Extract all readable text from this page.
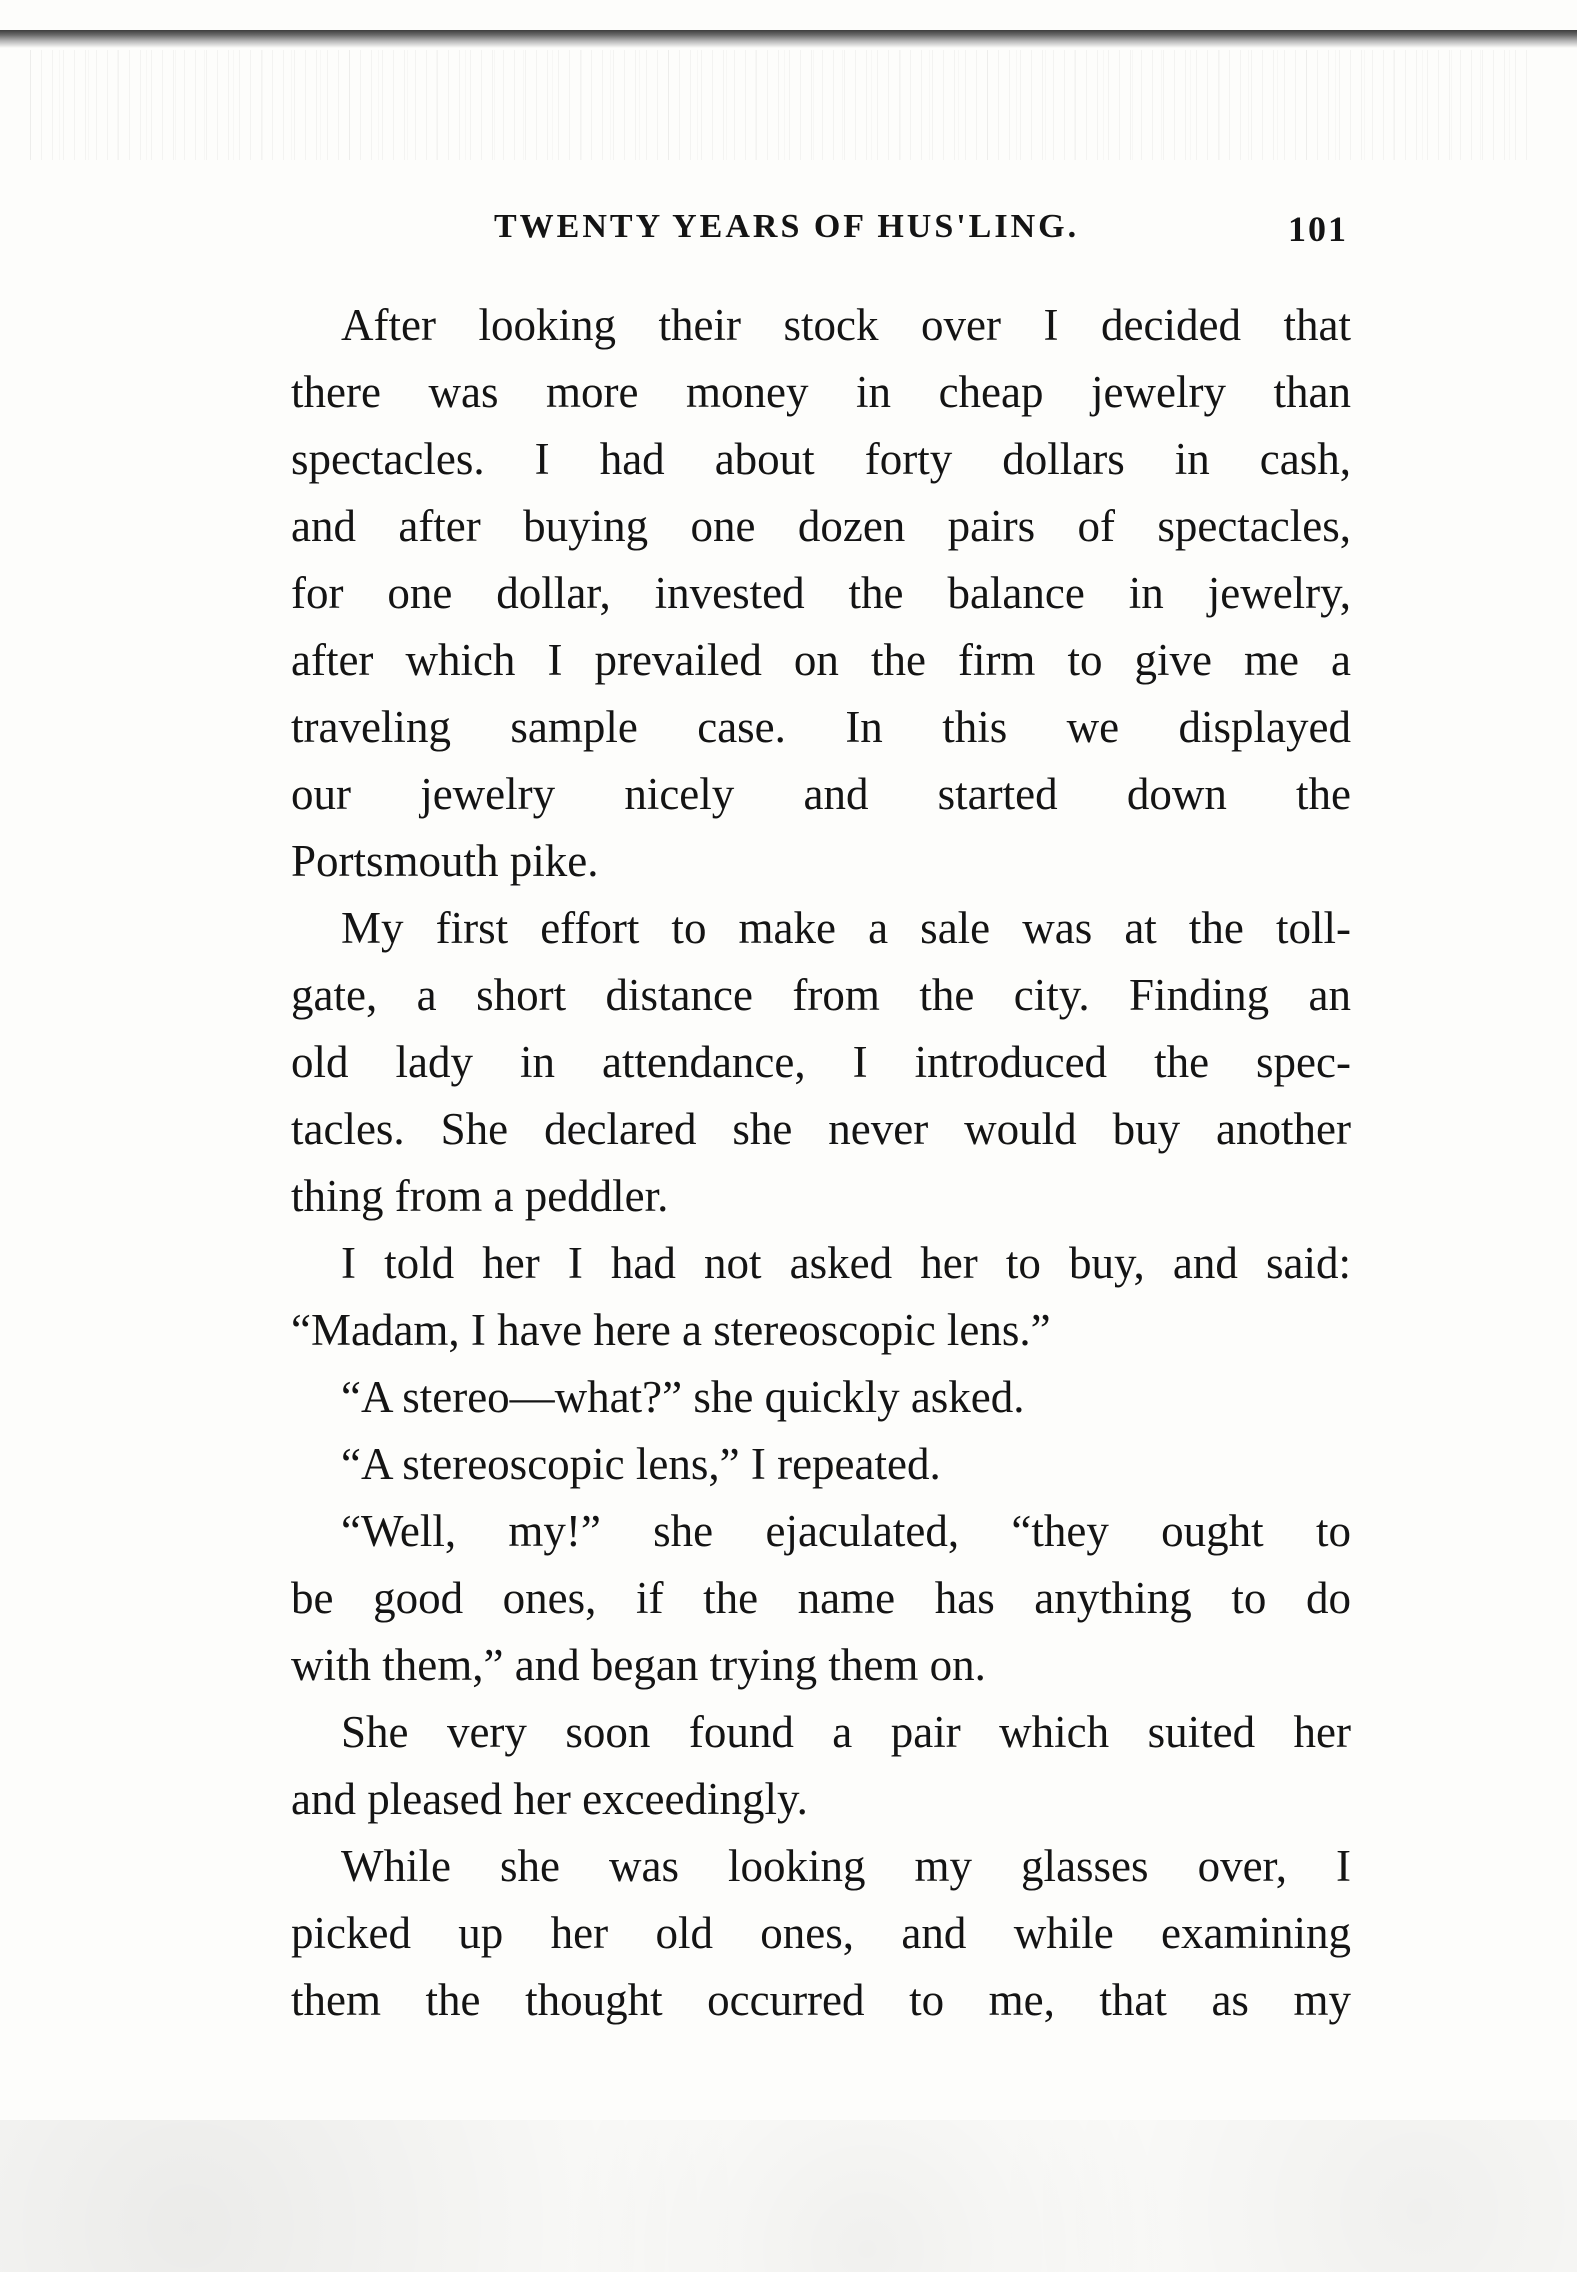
TWENTY YEARS OF HUS'LING.	101
After looking their stock over I decided that
there was more money in cheap jewelry than
spectacles. I had about forty dollars in cash,
and after buying one dozen pairs of spectacles,
for one dollar, invested the balance in jewelry,
after which I prevailed on the firm to give me a
traveling sample case. In this we displayed
our jewelry nicely and started down the
Portsmouth pike.
My first effort to make a sale was at the toll-
gate, a short distance from the city. Finding an
old lady in attendance, I introduced the spec-
tacles. She declared she never would buy another
thing from a peddler.
I told her I had not asked her to buy, and said:
“Madam, I have here a stereoscopic lens.”
“A stereo—what?” she quickly asked.
“A stereoscopic lens,” I repeated.
“Well, my!” she ejaculated, “they ought to
be good ones, if the name has anything to do
with them,” and began trying them on.
She very soon found a pair which suited her
and pleased her exceedingly.
While she was looking my glasses over, I
picked up her old ones, and while examining
them the thought occurred to me, that as my
